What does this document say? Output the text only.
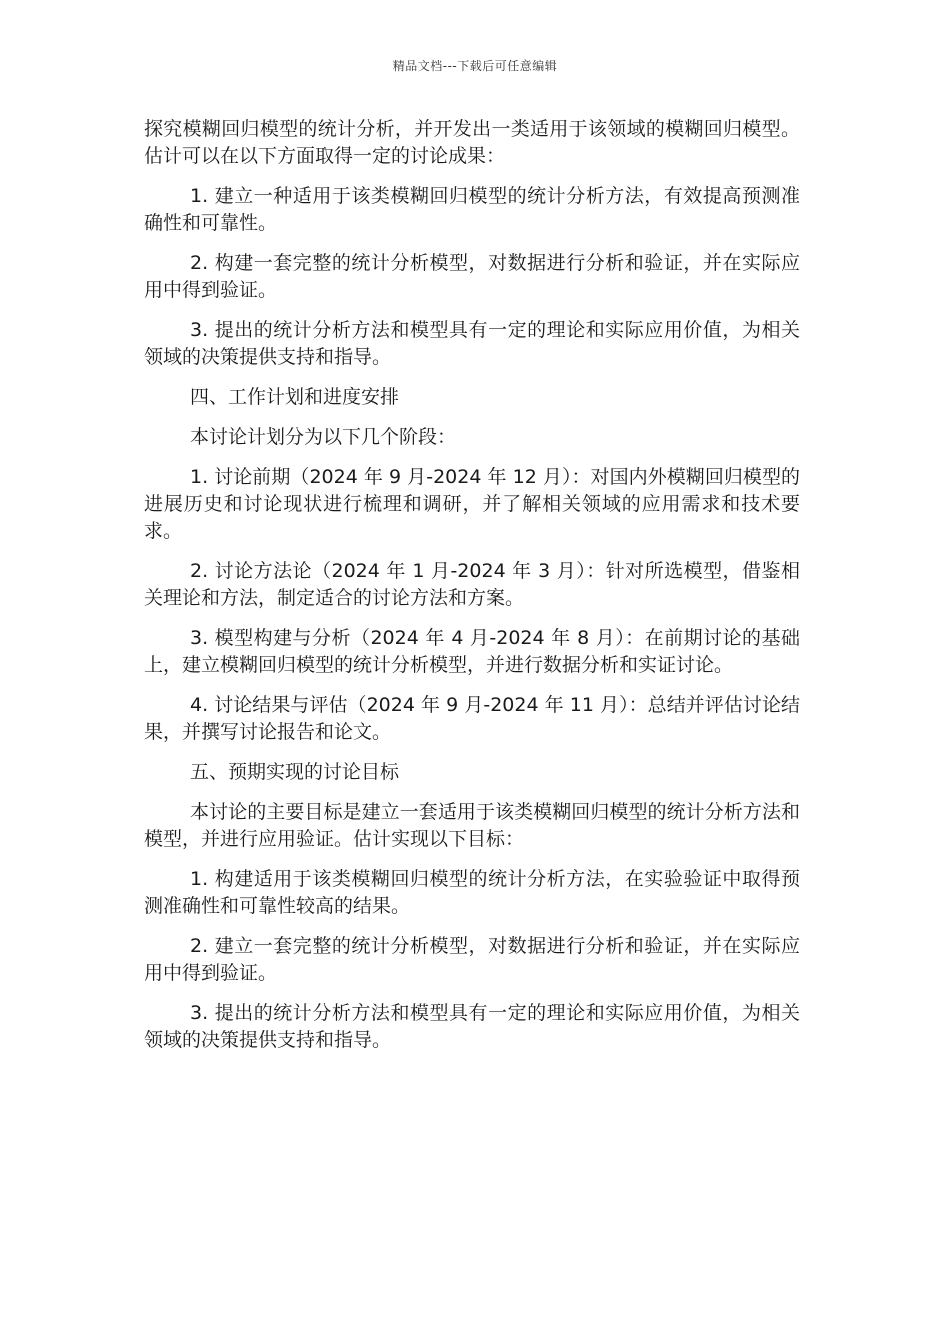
精品文档---下载后可任意编辑

探究模糊回归模型的统计分析，并开发出一类适用于该领域的模糊回归模型。估计可以在以下方面取得一定的讨论成果：

1. 建立一种适用于该类模糊回归模型的统计分析方法，有效提高预测准确性和可靠性。

2. 构建一套完整的统计分析模型，对数据进行分析和验证，并在实际应用中得到验证。

3. 提出的统计分析方法和模型具有一定的理论和实际应用价值，为相关领域的决策提供支持和指导。

四、工作计划和进度安排

本讨论计划分为以下几个阶段：

1. 讨论前期（2024 年 9 月-2024 年 12 月）：对国内外模糊回归模型的进展历史和讨论现状进行梳理和调研，并了解相关领域的应用需求和技术要求。

2. 讨论方法论（2024 年 1 月-2024 年 3 月）：针对所选模型，借鉴相关理论和方法，制定适合的讨论方法和方案。

3. 模型构建与分析（2024 年 4 月-2024 年 8 月）：在前期讨论的基础上，建立模糊回归模型的统计分析模型，并进行数据分析和实证讨论。

4. 讨论结果与评估（2024 年 9 月-2024 年 11 月）：总结并评估讨论结果，并撰写讨论报告和论文。

五、预期实现的讨论目标

本讨论的主要目标是建立一套适用于该类模糊回归模型的统计分析方法和模型，并进行应用验证。估计实现以下目标：

1. 构建适用于该类模糊回归模型的统计分析方法，在实验验证中取得预测准确性和可靠性较高的结果。

2. 建立一套完整的统计分析模型，对数据进行分析和验证，并在实际应用中得到验证。

3. 提出的统计分析方法和模型具有一定的理论和实际应用价值，为相关领域的决策提供支持和指导。
